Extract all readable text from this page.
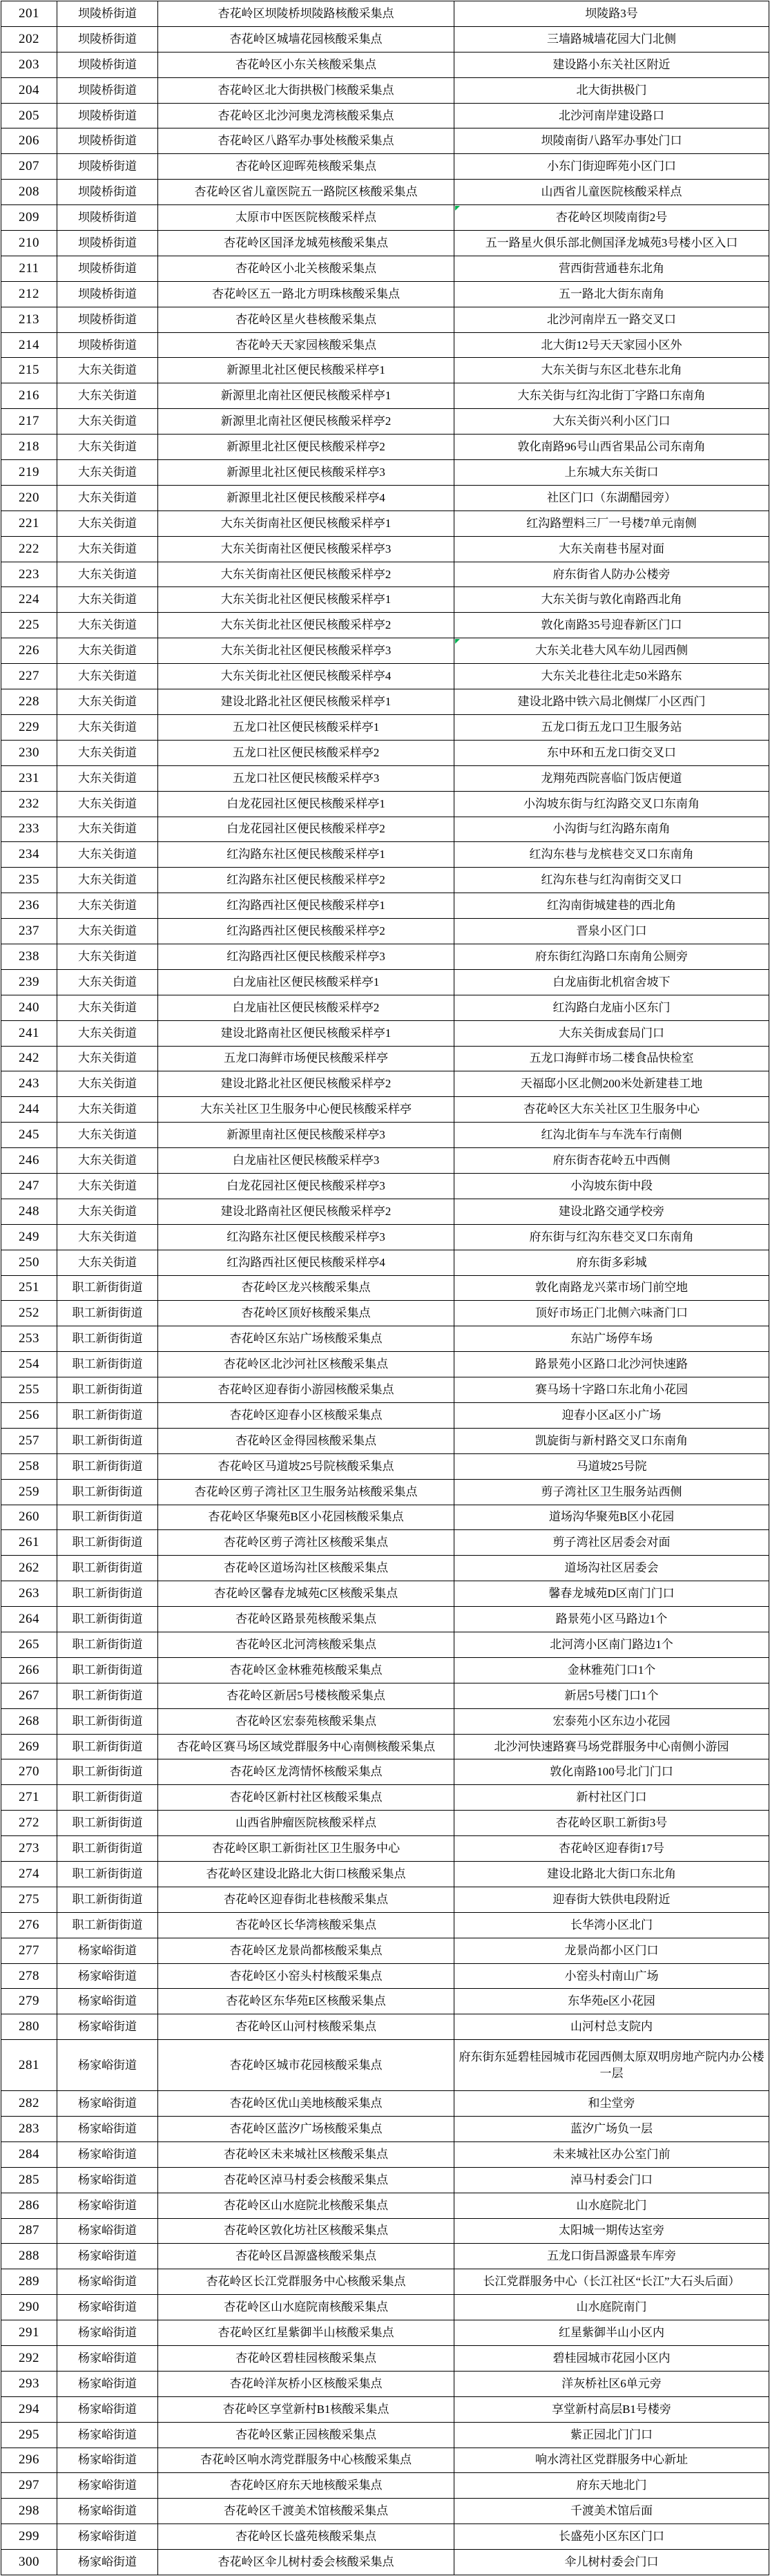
201	坝陵桥街道	杏花岭区坝陵桥坝陵路核酸采集点	坝陵路3号
202	坝陵桥街道	杏花岭区城墙花园核酸采集点	三墙路城墙花园大门北侧
203	坝陵桥街道	杏花岭区小东关核酸采集点	建设路小东关社区附近
204	坝陵桥街道	杏花岭区北大街拱极门核酸采集点	北大街拱极门
205	坝陵桥街道	杏花岭区北沙河奥龙湾核酸采集点	北沙河南岸建设路口
206	坝陵桥街道	杏花岭区八路军办事处核酸采集点	坝陵南街八路军办事处门口
207	坝陵桥街道	杏花岭区迎晖苑核酸采集点	小东门街迎晖苑小区门口
208	坝陵桥街道	杏花岭区省儿童医院五一路院区核酸采集点	山西省儿童医院核酸采样点
209	坝陵桥街道	太原市中医医院核酸采样点	杏花岭区坝陵南街2号

210	坝陵桥街道	杏花岭区国泽龙城苑核酸采集点	五一路星火俱乐部北侧国泽龙城苑3号楼小区入口
211	坝陵桥街道	杏花岭区小北关核酸采集点	营西街营通巷东北角
212	坝陵桥街道	杏花岭区五一路北方明珠核酸采集点	五一路北大街东南角
213	坝陵桥街道	杏花岭区星火巷核酸采集点	北沙河南岸五一路交叉口
214	坝陵桥街道	杏花岭天天家园核酸采集点	北大街12号天天家园小区外
215	大东关街道	新源里北社区便民核酸采样亭1	大东关街与东区北巷东北角
216	大东关街道	新源里北南社区便民核酸采样亭1	大东关街与红沟北街丁字路口东南角
217	大东关街道	新源里北南社区便民核酸采样亭2	大东关街兴利小区门口
218	大东关街道	新源里北社区便民核酸采样亭2	敦化南路96号山西省果品公司东南角
219	大东关街道	新源里北社区便民核酸采样亭3	上东城大东关街口
220	大东关街道	新源里北社区便民核酸采样亭4	社区门口（东湖醋园旁）
221	大东关街道	大东关街南社区便民核酸采样亭1	红沟路塑料三厂一号楼7单元南侧
222	大东关街道	大东关街南社区便民核酸采样亭3	大东关南巷书屋对面
223	大东关街道	大东关街南社区便民核酸采样亭2	府东街省人防办公楼旁
224	大东关街道	大东关街北社区便民核酸采样亭1	大东关街与敦化南路西北角
225	大东关街道	大东关街北社区便民核酸采样亭2	敦化南路35号迎春新区门口
226	大东关街道	大东关街北社区便民核酸采样亭3	大东关北巷大风车幼儿园西侧

227	大东关街道	大东关街北社区便民核酸采样亭4	大东关北巷往北走50米路东
228	大东关街道	建设北路北社区便民核酸采样亭1	建设北路中铁六局北侧煤厂小区西门
229	大东关街道	五龙口社区便民核酸采样亭1	五龙口街五龙口卫生服务站
230	大东关街道	五龙口社区便民核酸采样亭2	东中环和五龙口街交叉口
231	大东关街道	五龙口社区便民核酸采样亭3	龙翔苑西院喜临门饭店便道
232	大东关街道	白龙花园社区便民核酸采样亭1	小沟坡东街与红沟路交叉口东南角
233	大东关街道	白龙花园社区便民核酸采样亭2	小沟街与红沟路东南角
234	大东关街道	红沟路东社区便民核酸采样亭1	红沟东巷与龙槟巷交叉口东南角
235	大东关街道	红沟路东社区便民核酸采样亭2	红沟东巷与红沟南街交叉口
236	大东关街道	红沟路西社区便民核酸采样亭1	红沟南街城建巷的西北角
237	大东关街道	红沟路西社区便民核酸采样亭2	晋泉小区门口
238	大东关街道	红沟路西社区便民核酸采样亭3	府东街红沟路口东南角公厕旁
239	大东关街道	白龙庙社区便民核酸采样亭1	白龙庙街北机宿舍坡下
240	大东关街道	白龙庙社区便民核酸采样亭2	红沟路白龙庙小区东门
241	大东关街道	建设北路南社区便民核酸采样亭1	大东关街成套局门口
242	大东关街道	五龙口海鲜市场便民核酸采样亭	五龙口海鲜市场二楼食品快检室
243	大东关街道	建设北路北社区便民核酸采样亭2	天福邸小区北侧200米处新建巷工地
244	大东关街道	大东关社区卫生服务中心便民核酸采样亭	杏花岭区大东关社区卫生服务中心
245	大东关街道	新源里南社区便民核酸采样亭3	红沟北街车与车洗车行南侧
246	大东关街道	白龙庙社区便民核酸采样亭3	府东街杏花岭五中西侧
247	大东关街道	白龙花园社区便民核酸采样亭3	小沟坡东街中段
248	大东关街道	建设北路南社区便民核酸采样亭2	建设北路交通学校旁
249	大东关街道	红沟路东社区便民核酸采样亭3	府东街与红沟东巷交叉口东南角
250	大东关街道	红沟路西社区便民核酸采样亭4	府东街多彩城
251	职工新街街道	杏花岭区龙兴核酸采集点	敦化南路龙兴菜市场门前空地
252	职工新街街道	杏花岭区顶好核酸采集点	顶好市场正门北侧六味斋门口
253	职工新街街道	杏花岭区东站广场核酸采集点	东站广场停车场
254	职工新街街道	杏花岭区北沙河社区核酸采集点	路景苑小区路口北沙河快速路
255	职工新街街道	杏花岭区迎春街小游园核酸采集点	赛马场十字路口东北角小花园
256	职工新街街道	杏花岭区迎春小区核酸采集点	迎春小区a区小广场
257	职工新街街道	杏花岭区金得园核酸采集点	凯旋街与新村路交叉口东南角
258	职工新街街道	杏花岭区马道坡25号院核酸采集点	马道坡25号院
259	职工新街街道	杏花岭区剪子湾社区卫生服务站核酸采集点	剪子湾社区卫生服务站西侧
260	职工新街街道	杏花岭区华聚苑B区小花园核酸采集点	道场沟华聚苑B区小花园
261	职工新街街道	杏花岭区剪子湾社区核酸采集点	剪子湾社区居委会对面
262	职工新街街道	杏花岭区道场沟社区核酸采集点	道场沟社区居委会
263	职工新街街道	杏花岭区馨春龙城苑C区核酸采集点	馨春龙城苑D区南门门口
264	职工新街街道	杏花岭区路景苑核酸采集点	路景苑小区马路边1个
265	职工新街街道	杏花岭区北河湾核酸采集点	北河湾小区南门路边1个
266	职工新街街道	杏花岭区金林雅苑核酸采集点	金林雅苑门口1个
267	职工新街街道	杏花岭区新居5号楼核酸采集点	新居5号楼门口1个
268	职工新街街道	杏花岭区宏泰苑核酸采集点	宏泰苑小区东边小花园
269	职工新街街道	杏花岭区赛马场区域党群服务中心南侧核酸采集点	北沙河快速路赛马场党群服务中心南侧小游园
270	职工新街街道	杏花岭区龙湾情怀核酸采集点	敦化南路100号北门门口
271	职工新街街道	杏花岭区新村社区核酸采集点	新村社区门口
272	职工新街街道	山西省肿瘤医院核酸采样点	杏花岭区职工新街3号
273	职工新街街道	杏花岭区职工新街社区卫生服务中心	杏花岭区迎春街17号
274	职工新街街道	杏花岭区建设北路北大街口核酸采集点	建设北路北大街口东北角
275	职工新街街道	杏花岭区迎春街北巷核酸采集点	迎春街大铁供电段附近
276	职工新街街道	杏花岭区长华湾核酸采集点	长华湾小区北门
277	杨家峪街道	杏花岭区龙景尚都核酸采集点	龙景尚都小区门口
278	杨家峪街道	杏花岭区小窑头村核酸采集点	小窑头村南山广场
279	杨家峪街道	杏花岭区东华苑E区核酸采集点	东华苑e区小花园
280	杨家峪街道	杏花岭区山河村核酸采集点	山河村总支院内
281	杨家峪街道	杏花岭区城市花园核酸采集点	府东街东延碧桂园城市花园西侧太原双明房地产院内办公楼一层
282	杨家峪街道	杏花岭区优山美地核酸采集点	和尘堂旁
283	杨家峪街道	杏花岭区蓝汐广场核酸采集点	蓝汐广场负一层
284	杨家峪街道	杏花岭区未来城社区核酸采集点	未来城社区办公室门前
285	杨家峪街道	杏花岭区淖马村委会核酸采集点	淖马村委会门口
286	杨家峪街道	杏花岭区山水庭院北核酸采集点	山水庭院北门
287	杨家峪街道	杏花岭区敦化坊社区核酸采集点	太阳城一期传达室旁
288	杨家峪街道	杏花岭区昌源盛核酸采集点	五龙口街昌源盛景车库旁
289	杨家峪街道	杏花岭区长江党群服务中心核酸采集点	长江党群服务中心（长江社区“长江”大石头后面）
290	杨家峪街道	杏花岭区山水庭院南核酸采集点	山水庭院南门
291	杨家峪街道	杏花岭区红星紫御半山核酸采集点	红星紫御半山小区内
292	杨家峪街道	杏花岭区碧桂园核酸采集点	碧桂园城市花园小区内
293	杨家峪街道	杏花岭洋灰桥小区核酸采集点	洋灰桥社区6单元旁
294	杨家峪街道	杏花岭区享堂新村B1核酸采集点	享堂新村高层B1号楼旁
295	杨家峪街道	杏花岭区紫正园核酸采集点	紫正园北门门口
296	杨家峪街道	杏花岭区响水湾党群服务中心核酸采集点	响水湾社区党群服务中心新址
297	杨家峪街道	杏花岭区府东天地核酸采集点	府东天地北门
298	杨家峪街道	杏花岭区千渡美术馆核酸采集点	千渡美术馆后面
299	杨家峪街道	杏花岭区长盛苑核酸采集点	长盛苑小区东区门口
300	杨家峪街道	杏花岭区伞儿树村委会核酸采集点	伞儿树村委会门口
